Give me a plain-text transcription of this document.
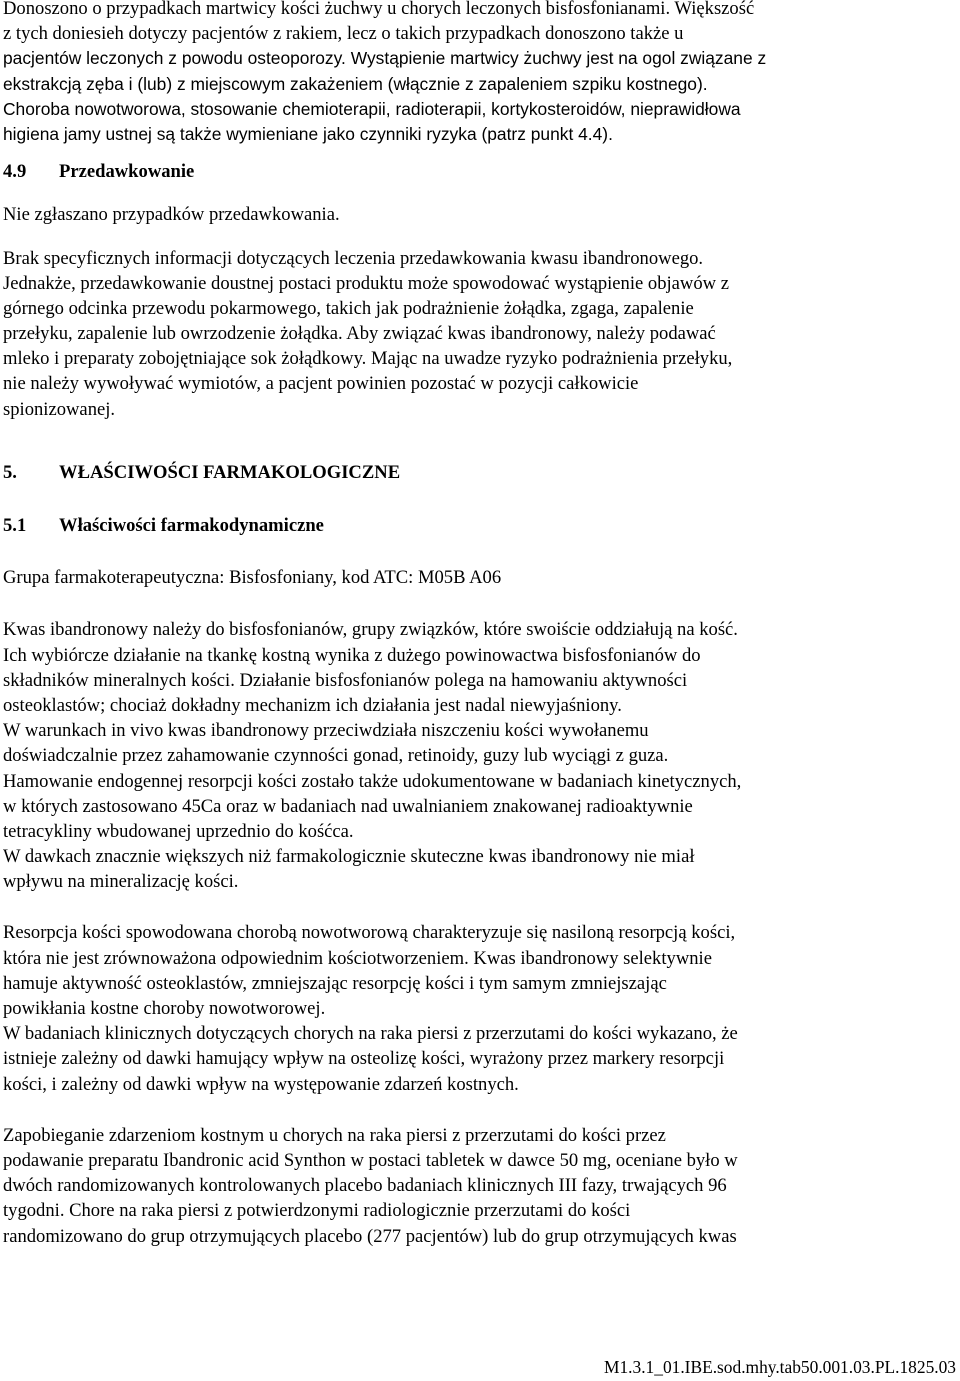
Donoszono o przypadkach martwicy kości żuchwy u chorych leczonych bisfosfonianami. Większość
z tych doniesieh dotyczy pacjentów z rakiem, lecz o takich przypadkach donoszono także u
pacjentów leczonych z powodu osteoporozy. Wystąpienie martwicy żuchwy jest na ogol związane z
ekstrakcją zęba i (lub) z miejscowym zakażeniem (włącznie z zapaleniem szpiku kostnego).
Choroba nowotworowa, stosowanie chemioterapii, radioterapii, kortykosteroidów, nieprawidłowa
higiena jamy ustnej są także wymieniane jako czynniki ryzyka (patrz punkt 4.4).
4.9 Przedawkowanie
Nie zgłaszano przypadków przedawkowania.
Brak specyficznych informacji dotyczących leczenia przedawkowania kwasu ibandronowego.
Jednakże, przedawkowanie doustnej postaci produktu może spowodować wystąpienie objawów z
górnego odcinka przewodu pokarmowego, takich jak podrażnienie żołądka, zgaga, zapalenie
przełyku, zapalenie lub owrzodzenie żołądka. Aby związać kwas ibandronowy, należy podawać
mleko i preparaty zobojętniające sok żołądkowy. Mając na uwadze ryzyko podrażnienia przełyku,
nie należy wywoływać wymiotów, a pacjent powinien pozostać w pozycji całkowicie
spionizowanej.
5. WŁAŚCIWOŚCI FARMAKOLOGICZNE
5.1 Właściwości farmakodynamiczne
Grupa farmakoterapeutyczna: Bisfosfoniany, kod ATC: M05B A06
Kwas ibandronowy należy do bisfosfonianów, grupy związków, które swoiście oddziałują na kość.
Ich wybiórcze działanie na tkankę kostną wynika z dużego powinowactwa bisfosfonianów do
składników mineralnych kości. Działanie bisfosfonianów polega na hamowaniu aktywności
osteoklastów; chociaż dokładny mechanizm ich działania jest nadal niewyjaśniony.
W warunkach in vivo kwas ibandronowy przeciwdziała niszczeniu kości wywołanemu
doświadczalnie przez zahamowanie czynności gonad, retinoidy, guzy lub wyciągi z guza.
Hamowanie endogennej resorpcji kości zostało także udokumentowane w badaniach kinetycznych,
w których zastosowano 45Ca oraz w badaniach nad uwalnianiem znakowanej radioaktywnie
tetracykliny wbudowanej uprzednio do kośćca.
W dawkach znacznie większych niż farmakologicznie skuteczne kwas ibandronowy nie miał
wpływu na mineralizację kości.
Resorpcja kości spowodowana chorobą nowotworową charakteryzuje się nasiloną resorpcją kości,
która nie jest zrównoważona odpowiednim kościotworzeniem. Kwas ibandronowy selektywnie
hamuje aktywność osteoklastów, zmniejszając resorpcję kości i tym samym zmniejszając
powikłania kostne choroby nowotworowej.
W badaniach klinicznych dotyczących chorych na raka piersi z przerzutami do kości wykazano, że
istnieje zależny od dawki hamujący wpływ na osteolizę kości, wyrażony przez markery resorpcji
kości, i zależny od dawki wpływ na występowanie zdarzeń kostnych.
Zapobieganie zdarzeniom kostnym u chorych na raka piersi z przerzutami do kości przez
podawanie preparatu Ibandronic acid Synthon w postaci tabletek w dawce 50 mg, oceniane było w
dwóch randomizowanych kontrolowanych placebo badaniach klinicznych III fazy, trwających 96
tygodni. Chore na raka piersi z potwierdzonymi radiologicznie przerzutami do kości
randomizowano do grup otrzymujących placebo (277 pacjentów) lub do grup otrzymujących kwas
M1.3.1_01.IBE.sod.mhy.tab50.001.03.PL.1825.03
